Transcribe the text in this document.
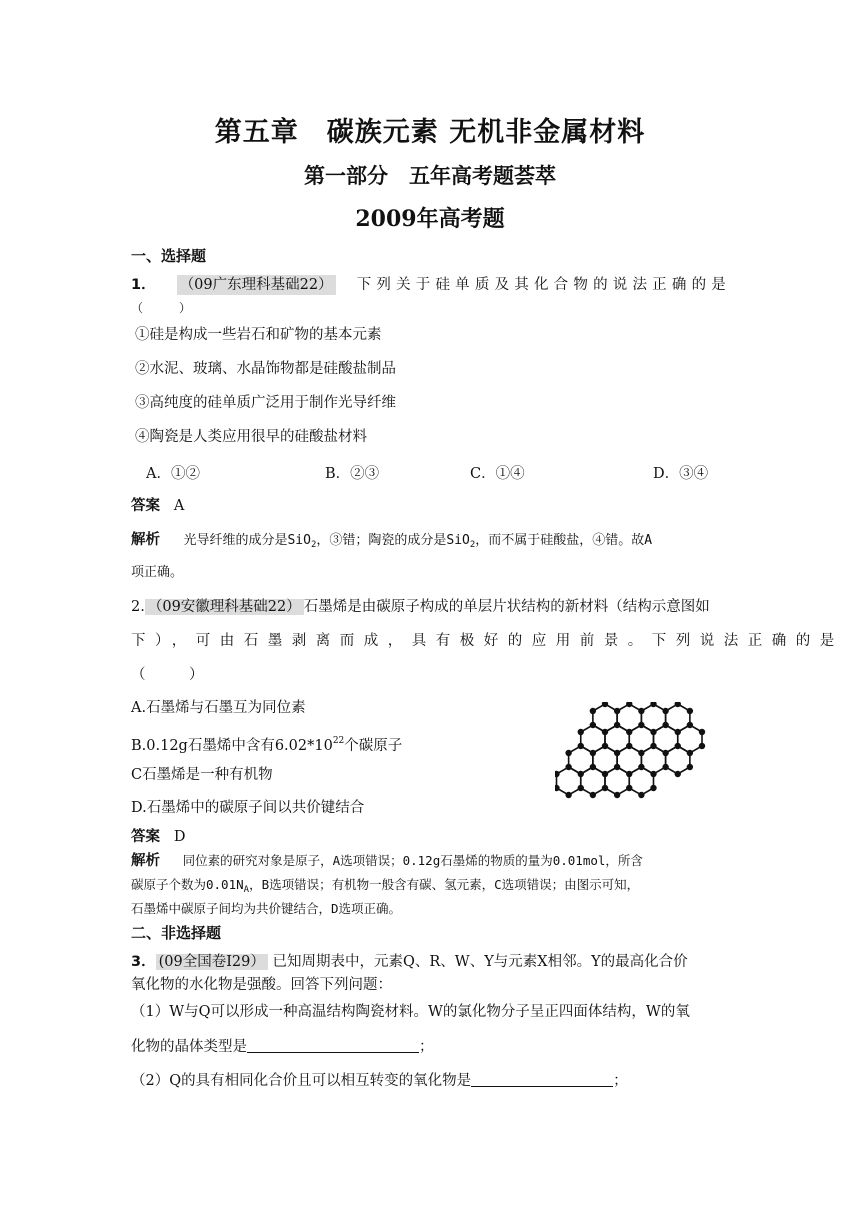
第五章　碳族元素 无机非金属材料
第一部分　五年高考题荟萃
2009年高考题
一、选择题
1． （09广东理科基础22） 下列关于硅单质及其化合物的说法正确的是
（　　　）
①硅是构成一些岩石和矿物的基本元素
②水泥、玻璃、水晶饰物都是硅酸盐制品
③高纯度的硅单质广泛用于制作光导纤维
④陶瓷是人类应用很早的硅酸盐材料
A．①②	B．②③	C．①④	D．③④
答案 A
解析 光导纤维的成分是SiO$_2$，③错；陶瓷的成分是SiO$_2$，而不属于硅酸盐，④错。故A
项正确。
2. （09安徽理科基础22） 石墨烯是由碳原子构成的单层片状结构的新材料（结构示意图如
下），可由石墨剥离而成，具有极好的应用前景。下列说法正确的是
（　　　）
A.石墨烯与石墨互为同位素
B.0.12g石墨烯中含有$6.02*10^{22}$个碳原子
C石墨烯是一种有机物
D.石墨烯中的碳原子间以共价键结合
答案 D
解析 同位素的研究对象是原子，A选项错误；0.12g石墨烯的物质的量为0.01mol，所含
碳原子个数为$0.01N_A$，B选项错误；有机物一般含有碳、氢元素，C选项错误；由图示可知，
石墨烯中碳原子间均为共价键结合，D选项正确。
二、非选择题
3． (09全国卷Ⅰ29） 已知周期表中，元素Q、R、W、Y与元素X相邻。Y的最高化合价
氧化物的水化物是强酸。回答下列问题：
（1）W与Q可以形成一种高温结构陶瓷材料。W的氯化物分子呈正四面体结构，W的氧
化物的晶体类型是	；
（2）Q的具有相同化合价且可以相互转变的氧化物是	；
